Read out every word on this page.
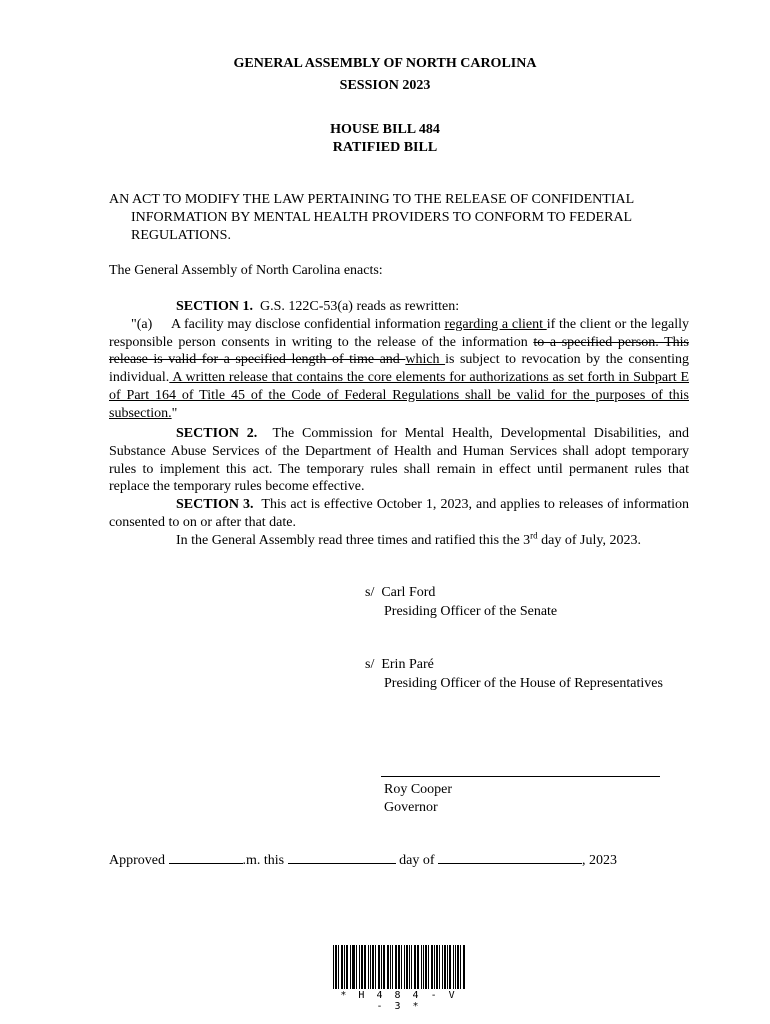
GENERAL ASSEMBLY OF NORTH CAROLINA
SESSION 2023
HOUSE BILL 484
RATIFIED BILL
AN ACT TO MODIFY THE LAW PERTAINING TO THE RELEASE OF CONFIDENTIAL INFORMATION BY MENTAL HEALTH PROVIDERS TO CONFORM TO FEDERAL REGULATIONS.
The General Assembly of North Carolina enacts:
SECTION 1. G.S. 122C-53(a) reads as rewritten:
"(a)     A facility may disclose confidential information regarding a client if the client or the legally responsible person consents in writing to the release of the information to a specified person. This release is valid for a specified length of time and which is subject to revocation by the consenting individual. A written release that contains the core elements for authorizations as set forth in Subpart E of Part 164 of Title 45 of the Code of Federal Regulations shall be valid for the purposes of this subsection."
SECTION 2. The Commission for Mental Health, Developmental Disabilities, and Substance Abuse Services of the Department of Health and Human Services shall adopt temporary rules to implement this act. The temporary rules shall remain in effect until permanent rules that replace the temporary rules become effective.
SECTION 3. This act is effective October 1, 2023, and applies to releases of information consented to on or after that date.
In the General Assembly read three times and ratified this the 3rd day of July, 2023.
s/  Carl Ford
Presiding Officer of the Senate
s/  Erin Paré
Presiding Officer of the House of Representatives
Roy Cooper
Governor
Approved	.m. this	day of	, 2023
* H 4 8 4 - V - 3 *
